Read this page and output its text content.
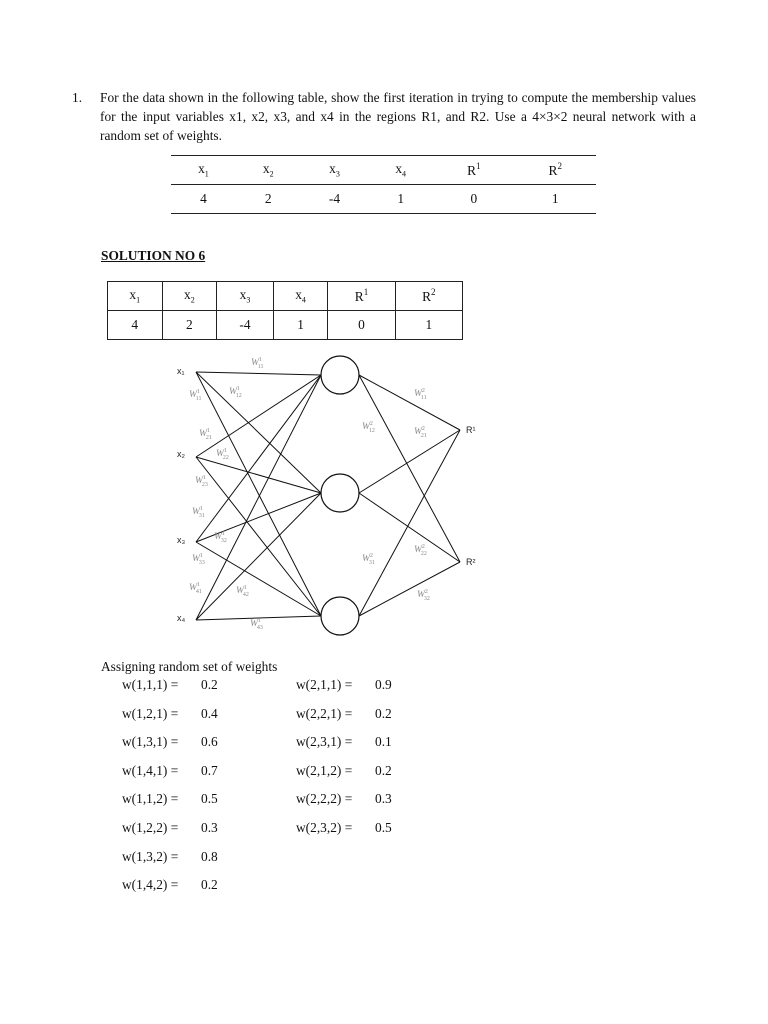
1. For the data shown in the following table, show the first iteration in trying to compute the membership values for the input variables x1, x2, x3, and x4 in the regions R1, and R2. Use a 4×3×2 neural network with a random set of weights.
$x_1$	$x_2$	$x_3$	$x_4$	$R^1$	$R^2$
4	2	-4	1	0	1
SOLUTION NO 6
$x_1$	$x_2$	$x_3$	$x_4$	$R^1$	$R^2$
4	2	-4	1	0	1
x₁
x₂
x₃
x₄
R¹
R²
$W^1$ 11
$W^1$ 11
$W^1$ 12
$W^1$ 21
$W^1$ 22
$W^1$ 23
$W^1$ 31
$W^1$ 32
$W^1$ 33
$W^1$ 41	$W^1$ 42
$W^1$ 43
$W^2$ 11
$W^2$ 12	$W^2$ 21
$W^2$ 22
$W^2$ 31
$W^2$ 32
Assigning random set of weights
w(1,1,1) = 0.2
w(1,2,1) = 0.4
w(1,3,1) = 0.6
w(1,4,1) = 0.7
w(1,1,2) = 0.5
w(1,2,2) = 0.3
w(1,3,2) = 0.8
w(1,4,2) = 0.2
w(2,1,1) = 0.9
w(2,2,1) = 0.2
w(2,3,1) = 0.1
w(2,1,2) = 0.2
w(2,2,2) = 0.3
w(2,3,2) = 0.5
